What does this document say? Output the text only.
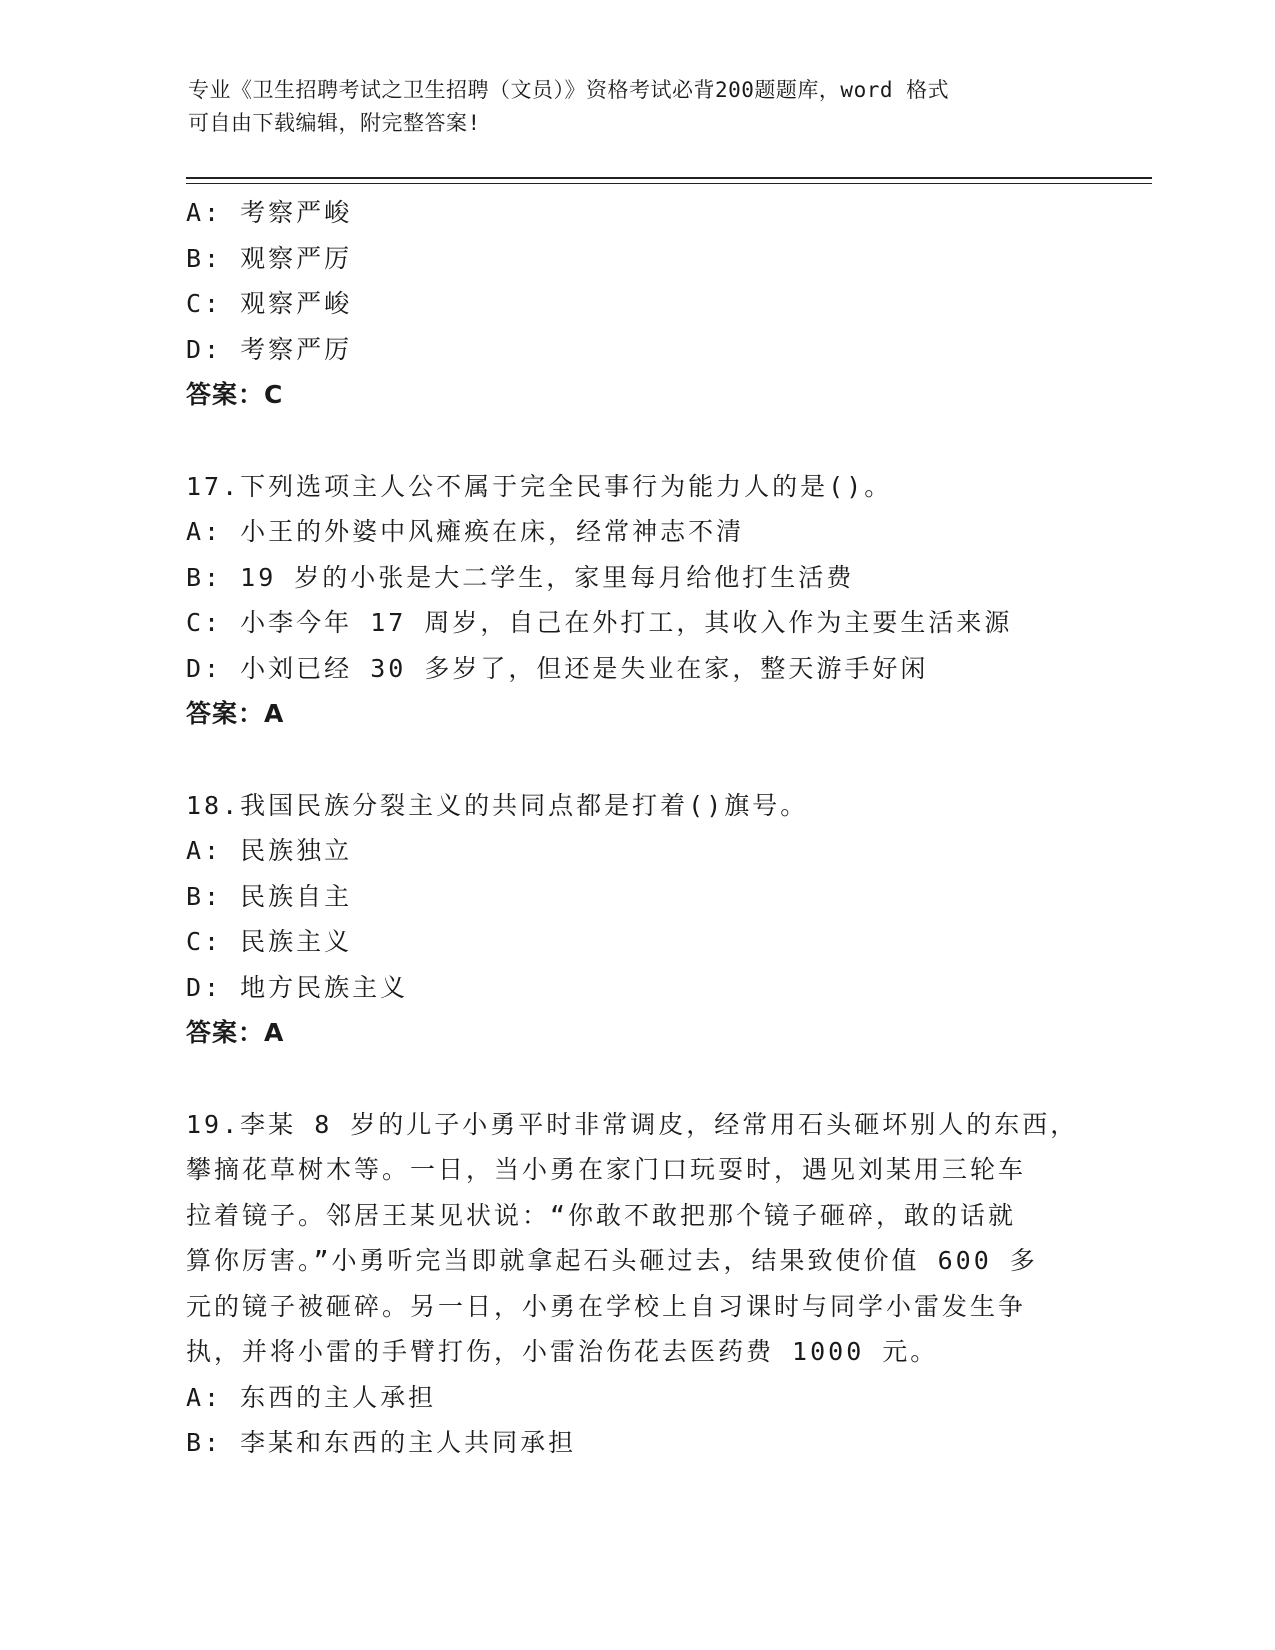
专业《卫生招聘考试之卫生招聘（文员）》资格考试必背200题题库，word 格式
可自由下载编辑，附完整答案!
A: 考察严峻
B: 观察严厉
C: 观察严峻
D: 考察严厉
答案：C
17.下列选项主人公不属于完全民事行为能力人的是()。
A: 小王的外婆中风瘫痪在床，经常神志不清
B: 19 岁的小张是大二学生，家里每月给他打生活费
C: 小李今年 17 周岁，自己在外打工，其收入作为主要生活来源
D: 小刘已经 30 多岁了，但还是失业在家，整天游手好闲
答案：A
18.我国民族分裂主义的共同点都是打着()旗号。
A: 民族独立
B: 民族自主
C: 民族主义
D: 地方民族主义
答案：A
19.李某 8 岁的儿子小勇平时非常调皮，经常用石头砸坏别人的东西，
攀摘花草树木等。一日，当小勇在家门口玩耍时，遇见刘某用三轮车
拉着镜子。邻居王某见状说：“你敢不敢把那个镜子砸碎，敢的话就
算你厉害。”小勇听完当即就拿起石头砸过去，结果致使价值 600 多
元的镜子被砸碎。另一日，小勇在学校上自习课时与同学小雷发生争
执，并将小雷的手臂打伤，小雷治伤花去医药费 1000 元。
A: 东西的主人承担
B: 李某和东西的主人共同承担
